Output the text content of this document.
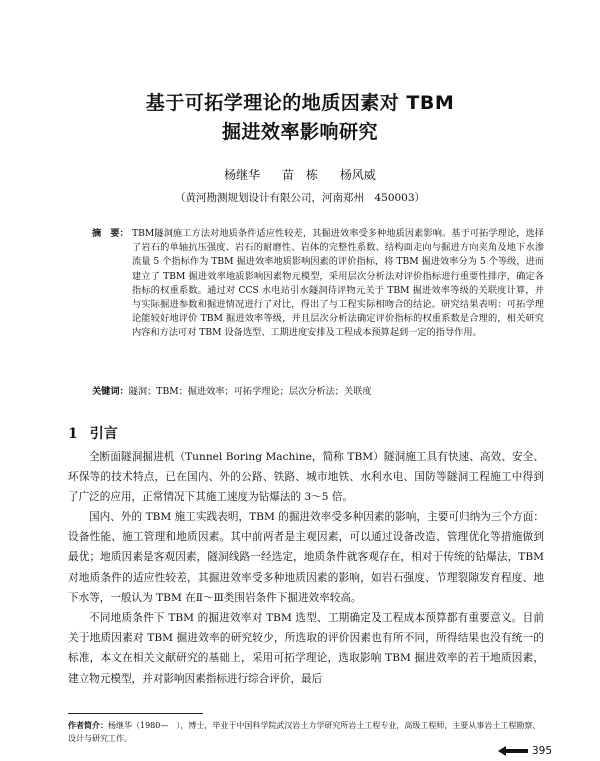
基于可拓学理论的地质因素对 TBM
掘进效率影响研究
杨继华 苗　栋 杨风威
（黄河勘测规划设计有限公司，河南郑州　450003）
摘　要： TBM隧洞施工方法对地质条件适应性较差，其掘进效率受多种地质因素影响。基于可拓学理论，选择了岩石的单轴抗压强度、岩石的耐磨性、岩体的完整性系数、结构面走向与掘进方向夹角及地下水渗流量 5 个指标作为 TBM 掘进效率地质影响因素的评价指标，将 TBM 掘进效率分为 5 个等级，进而建立了 TBM 掘进效率地质影响因素物元模型，采用层次分析法对评价指标进行重要性排序，确定各指标的权重系数。通过对 CCS 水电站引水隧洞待评物元关于 TBM 掘进效率等级的关联度计算，并与实际掘进参数和掘进情况进行了对比，得出了与工程实际相吻合的结论。研究结果表明：可拓学理论能较好地评价 TBM 掘进效率等级，并且层次分析法确定评价指标的权重系数是合理的，相关研究内容和方法可对 TBM 设备选型、工期进度安排及工程成本预算起到一定的指导作用。
关键词：隧洞；TBM；掘进效率；可拓学理论；层次分析法；关联度
1 引言
全断面隧洞掘进机（Tunnel Boring Machine，简称 TBM）隧洞施工具有快速、高效、安全、环保等的技术特点，已在国内、外的公路、铁路、城市地铁、水利水电、国防等隧洞工程施工中得到了广泛的应用，正常情况下其施工速度为钻爆法的 3～5 倍。
国内、外的 TBM 施工实践表明，TBM 的掘进效率受多种因素的影响，主要可归纳为三个方面：设备性能、施工管理和地质因素。其中前两者是主观因素，可以通过设备改造、管理优化等措施做到最优；地质因素是客观因素，隧洞线路一经选定，地质条件就客观存在，相对于传统的钻爆法，TBM 对地质条件的适应性较差，其掘进效率受多种地质因素的影响，如岩石强度、节理裂隙发育程度、地下水等，一般认为 TBM 在Ⅱ～Ⅲ类围岩条件下掘进效率较高。
不同地质条件下 TBM 的掘进效率对 TBM 选型、工期确定及工程成本预算都有重要意义。目前关于地质因素对 TBM 掘进效率的研究较少，所选取的评价因素也有所不同，所得结果也没有统一的标准，本文在相关文献研究的基础上，采用可拓学理论，选取影响 TBM 掘进效率的若干地质因素，建立物元模型，并对影响因素指标进行综合评价，最后
作者简介：杨继华（1980—　），博士，毕业于中国科学院武汉岩土力学研究所岩土工程专业，高级工程师，主要从事岩土工程勘察、设计与研究工作。
395
